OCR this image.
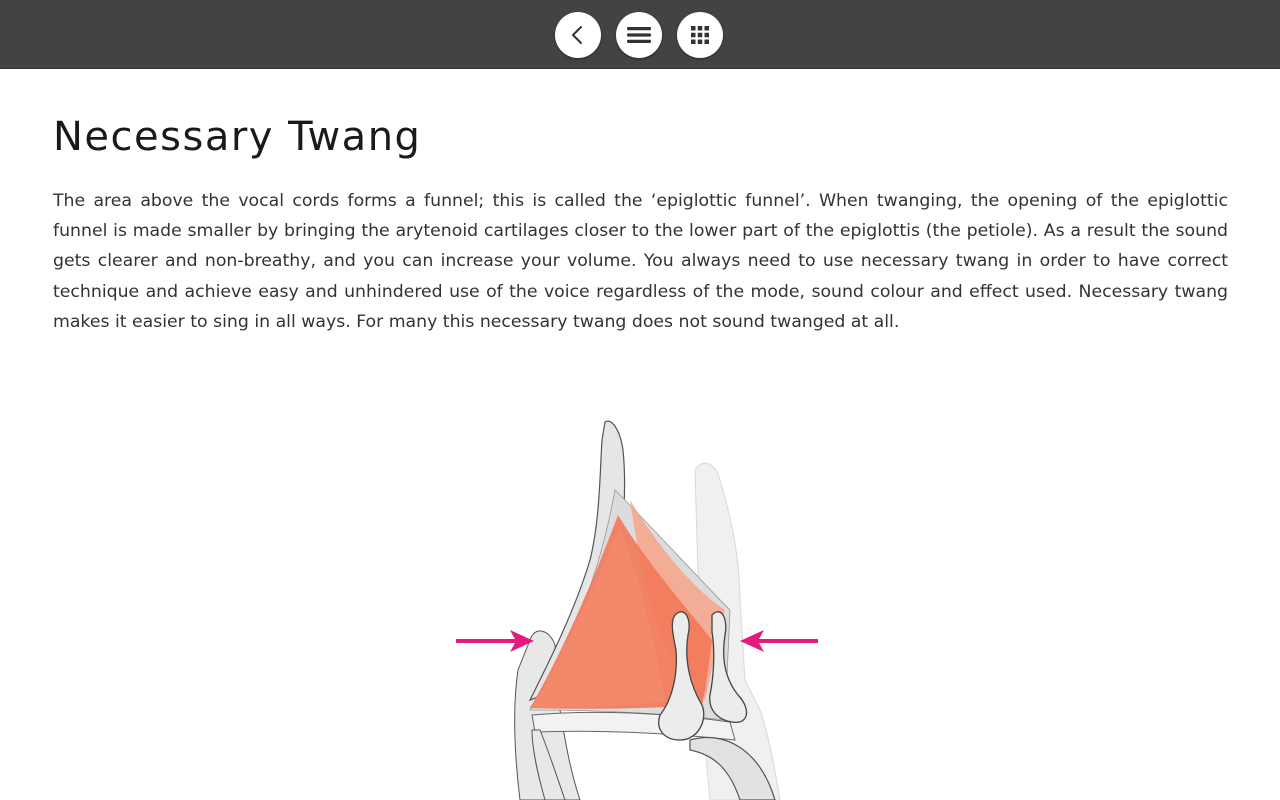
Necessary Twang

The area above the vocal cords forms a funnel; this is called the ‘epiglottic funnel’. When twanging, the opening of the epiglottic funnel is made smaller by bringing the arytenoid cartilages closer to the lower part of the epiglottis (the petiole). As a result the sound gets clearer and non-breathy, and you can increase your volume. You always need to use necessary twang in order to have correct technique and achieve easy and unhindered use of the voice regardless of the mode, sound colour and effect used. Necessary twang makes it easier to sing in all ways. For many this necessary twang does not sound twanged at all.
